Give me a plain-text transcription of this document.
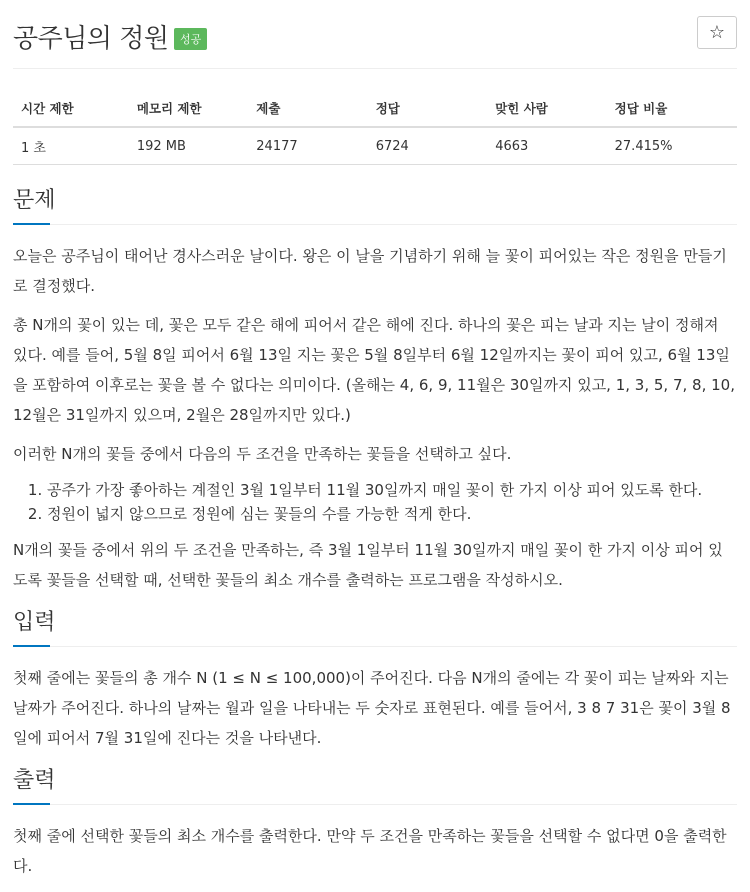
공주님의 정원	성공	☆
시간 제한	메모리 제한	제출	정답	맞힌 사람	정답 비율
1 초	192 MB	24177	6724	4663	27.415%
문제

오늘은 공주님이 태어난 경사스러운 날이다. 왕은 이 날을 기념하기 위해 늘 꽃이 피어있는 작은 정원을 만들기로 결정했다.

총 N개의 꽃이 있는 데, 꽃은 모두 같은 해에 피어서 같은 해에 진다. 하나의 꽃은 피는 날과 지는 날이 정해져 있다. 예를 들어, 5월 8일 피어서 6월 13일 지는 꽃은 5월 8일부터 6월 12일까지는 꽃이 피어 있고, 6월 13일을 포함하여 이후로는 꽃을 볼 수 없다는 의미이다. (올해는 4, 6, 9, 11월은 30일까지 있고, 1, 3, 5, 7, 8, 10, 12월은 31일까지 있으며, 2월은 28일까지만 있다.)

이러한 N개의 꽃들 중에서 다음의 두 조건을 만족하는 꽃들을 선택하고 싶다.

1. 공주가 가장 좋아하는 계절인 3월 1일부터 11월 30일까지 매일 꽃이 한 가지 이상 피어 있도록 한다.
2. 정원이 넓지 않으므로 정원에 심는 꽃들의 수를 가능한 적게 한다.

N개의 꽃들 중에서 위의 두 조건을 만족하는, 즉 3월 1일부터 11월 30일까지 매일 꽃이 한 가지 이상 피어 있도록 꽃들을 선택할 때, 선택한 꽃들의 최소 개수를 출력하는 프로그램을 작성하시오.

입력

첫째 줄에는 꽃들의 총 개수 N (1 ≤ N ≤ 100,000)이 주어진다. 다음 N개의 줄에는 각 꽃이 피는 날짜와 지는 날짜가 주어진다. 하나의 날짜는 월과 일을 나타내는 두 숫자로 표현된다. 예를 들어서, 3 8 7 31은 꽃이 3월 8일에 피어서 7월 31일에 진다는 것을 나타낸다.

출력

첫째 줄에 선택한 꽃들의 최소 개수를 출력한다. 만약 두 조건을 만족하는 꽃들을 선택할 수 없다면 0을 출력한다.
